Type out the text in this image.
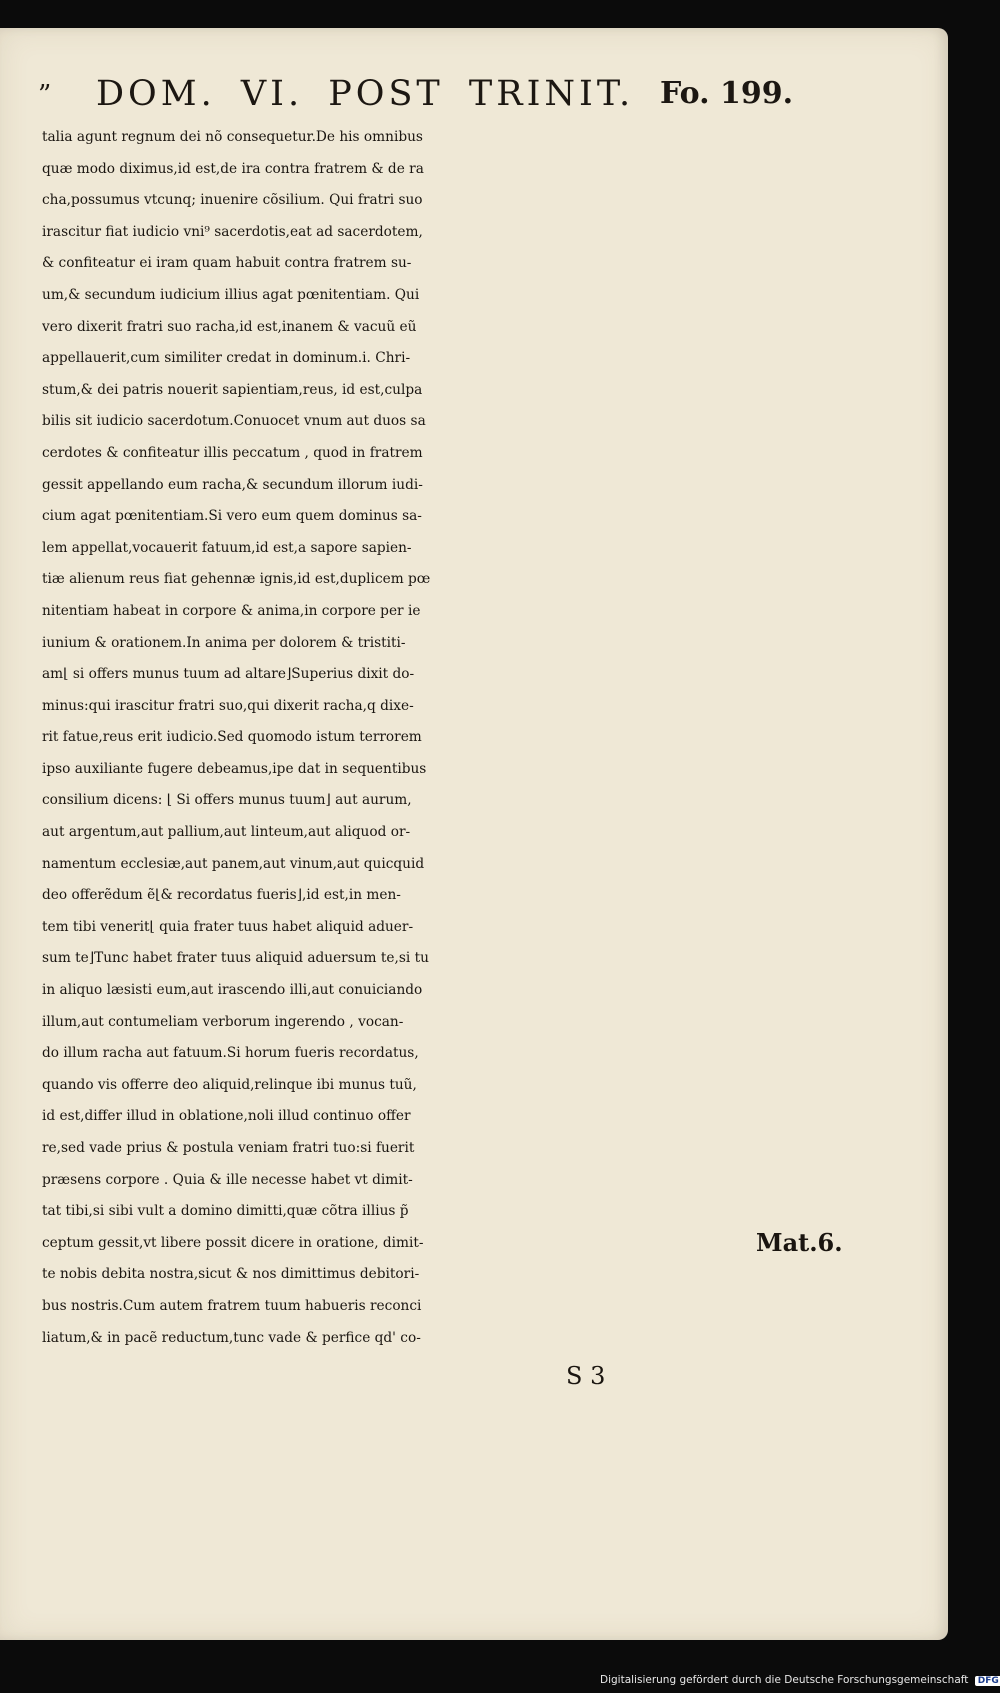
” DOM. VI. POST TRINIT. Fo. 199.
talia agunt regnum dei nõ consequetur.De his omnibus
quæ modo diximus,id est,de ira contra fratrem & de ra
cha,possumus vtcunq; inuenire cõsilium. Qui fratri suo
irascitur fiat iudicio vni⁹ sacerdotis,eat ad sacerdotem,
& confiteatur ei iram quam habuit contra fratrem su-
um,& secundum iudicium illius agat pœnitentiam. Qui
vero dixerit fratri suo racha,id est,inanem & vacuũ eũ
appellauerit,cum similiter credat in dominum.i. Chri-
stum,& dei patris nouerit sapientiam,reus, id est,culpa
bilis sit iudicio sacerdotum.Conuocet vnum aut duos sa
cerdotes & confiteatur illis peccatum , quod in fratrem
gessit appellando eum racha,& secundum illorum iudi-
cium agat pœnitentiam.Si vero eum quem dominus sa-
lem appellat,vocauerit fatuum,id est,a sapore sapien-
tiæ alienum reus fiat gehennæ ignis,id est,duplicem pœ
nitentiam habeat in corpore & anima,in corpore per ie
iunium & orationem.In anima per dolorem & tristiti-
am⌊ si offers munus tuum ad altare⌋Superius dixit do-
minus:qui irascitur fratri suo,qui dixerit racha,q dixe-
rit fatue,reus erit iudicio.Sed quomodo istum terrorem
ipso auxiliante fugere debeamus,ipe dat in sequentibus
consilium dicens: ⌊ Si offers munus tuum⌋ aut aurum,
aut argentum,aut pallium,aut linteum,aut aliquod or-
namentum ecclesiæ,aut panem,aut vinum,aut quicquid
deo offerẽdum ẽ⌊& recordatus fueris⌋,id est,in men-
tem tibi venerit⌊ quia frater tuus habet aliquid aduer-
sum te⌋Tunc habet frater tuus aliquid aduersum te,si tu
in aliquo læsisti eum,aut irascendo illi,aut conuiciando
illum,aut contumeliam verborum ingerendo , vocan-
do illum racha aut fatuum.Si horum fueris recordatus,
quando vis offerre deo aliquid,relinque ibi munus tuũ,
id est,differ illud in oblatione,noli illud continuo offer
re,sed vade prius & postula veniam fratri tuo:si fuerit
præsens corpore . Quia & ille necesse habet vt dimit-
tat tibi,si sibi vult a domino dimitti,quæ cõtra illius p̃
ceptum gessit,vt libere possit dicere in oratione, dimit-
te nobis debita nostra,sicut & nos dimittimus debitori-
bus nostris.Cum autem fratrem tuum habueris reconci
liatum,& in pacẽ reductum,tunc vade & perfice qd' co-
Mat.6.
S 3
Digitalisierung gefördert durch die Deutsche Forschungsgemeinschaft DFG
